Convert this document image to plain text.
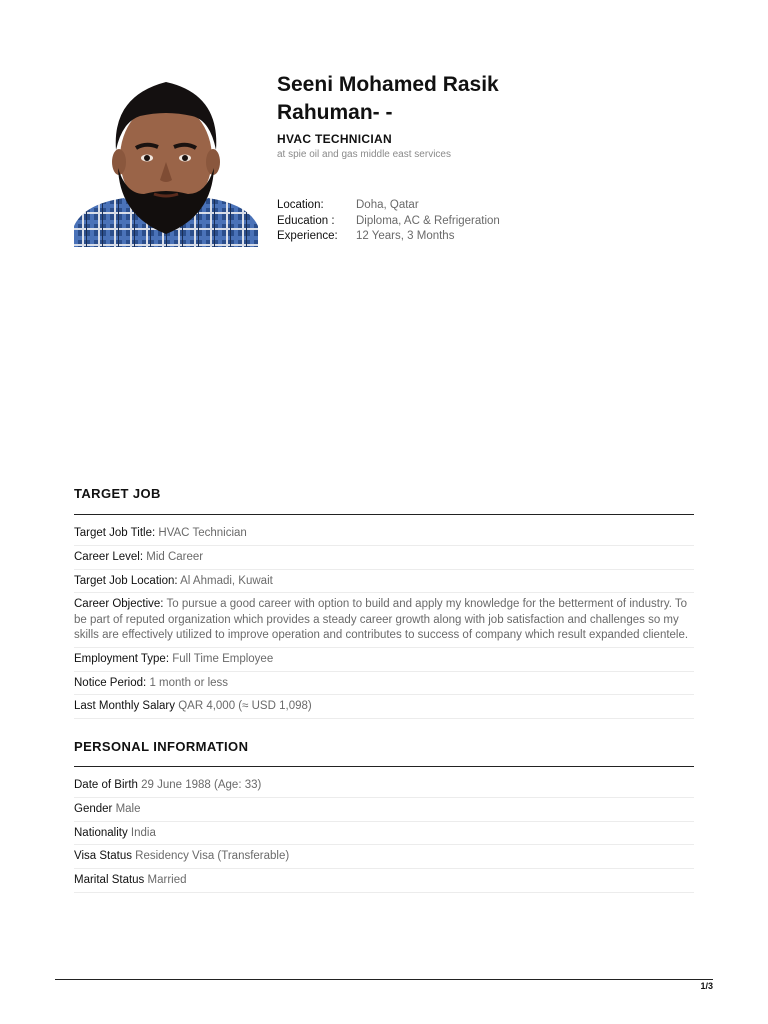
Seeni Mohamed Rasik Rahuman- -
HVAC TECHNICIAN
at spie oil and gas middle east services
Location:	Doha, Qatar
Education :	Diploma, AC & Refrigeration
Experience:	12 Years, 3 Months
TARGET JOB
Target Job Title: HVAC Technician
Career Level: Mid Career
Target Job Location: Al Ahmadi, Kuwait
Career Objective: To pursue a good career with option to build and apply my knowledge for the betterment of industry. To be part of reputed organization which provides a steady career growth along with job satisfaction and challenges so my skills are effectively utilized to improve operation and contributes to success of company which result expanded clientele.
Employment Type: Full Time Employee
Notice Period: 1 month or less
Last Monthly Salary QAR 4,000 (≈ USD 1,098)
PERSONAL INFORMATION
Date of Birth 29 June 1988 (Age: 33)
Gender Male
Nationality India
Visa Status Residency Visa (Transferable)
Marital Status Married
1/3
